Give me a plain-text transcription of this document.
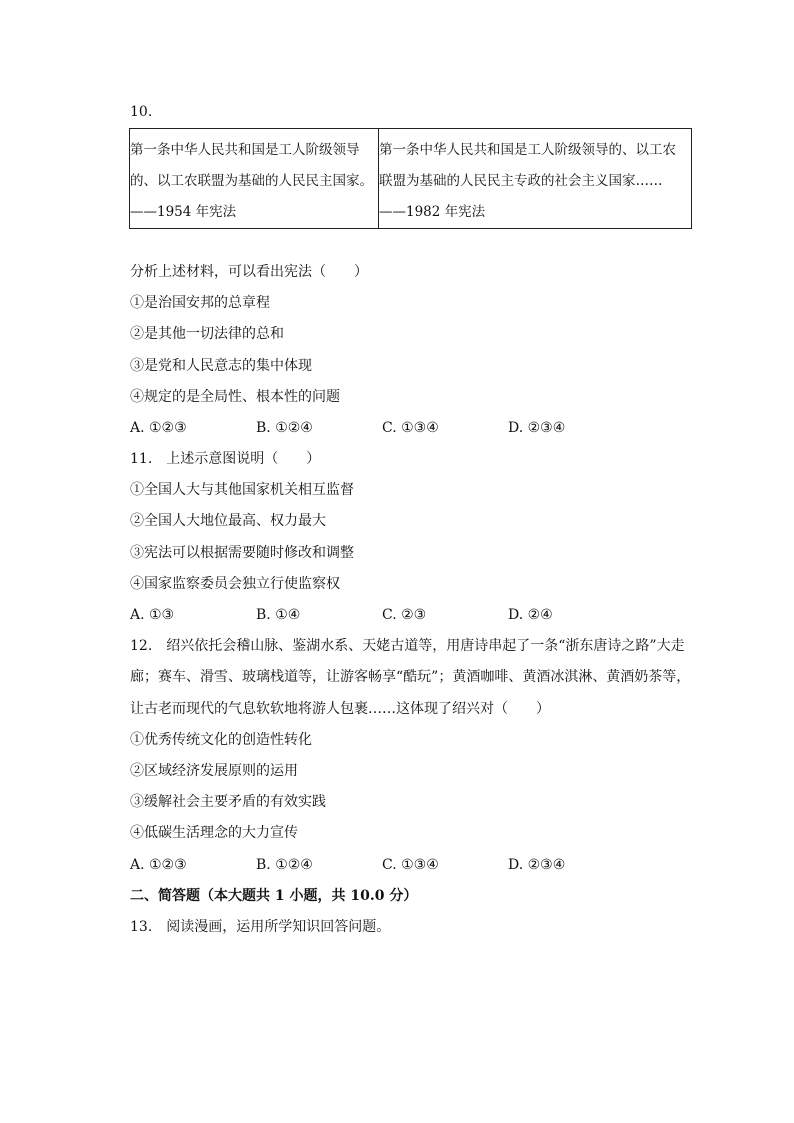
10.
第一条中华人民共和国是工人阶级领导
的、以工农联盟为基础的人民民主国家。
——1954 年宪法

第一条中华人民共和国是工人阶级领导的、以工农
联盟为基础的人民民主专政的社会主义国家……
——1982 年宪法
分析上述材料，可以看出宪法（　　）
①是治国安邦的总章程
②是其他一切法律的总和
③是党和人民意志的集中体现
④规定的是全局性、根本性的问题
A. ①②③	B. ①②④	C. ①③④	D. ②③④
11.　上述示意图说明（　　）
①全国人大与其他国家机关相互监督
②全国人大地位最高、权力最大
③宪法可以根据需要随时修改和调整
④国家监察委员会独立行使监察权
A. ①③	B. ①④	C. ②③	D. ②④
12.　绍兴依托会稽山脉、鉴湖水系、天姥古道等，用唐诗串起了一条“浙东唐诗之路”大走
廊；赛车、滑雪、玻璃栈道等，让游客畅享“酷玩”；黄酒咖啡、黄酒冰淇淋、黄酒奶茶等，
让古老而现代的气息软软地将游人包裹……这体现了绍兴对（　　）
①优秀传统文化的创造性转化
②区域经济发展原则的运用
③缓解社会主要矛盾的有效实践
④低碳生活理念的大力宣传
A. ①②③	B. ①②④	C. ①③④	D. ②③④
二、简答题（本大题共 1 小题，共 10.0 分）
13.　阅读漫画，运用所学知识回答问题。
